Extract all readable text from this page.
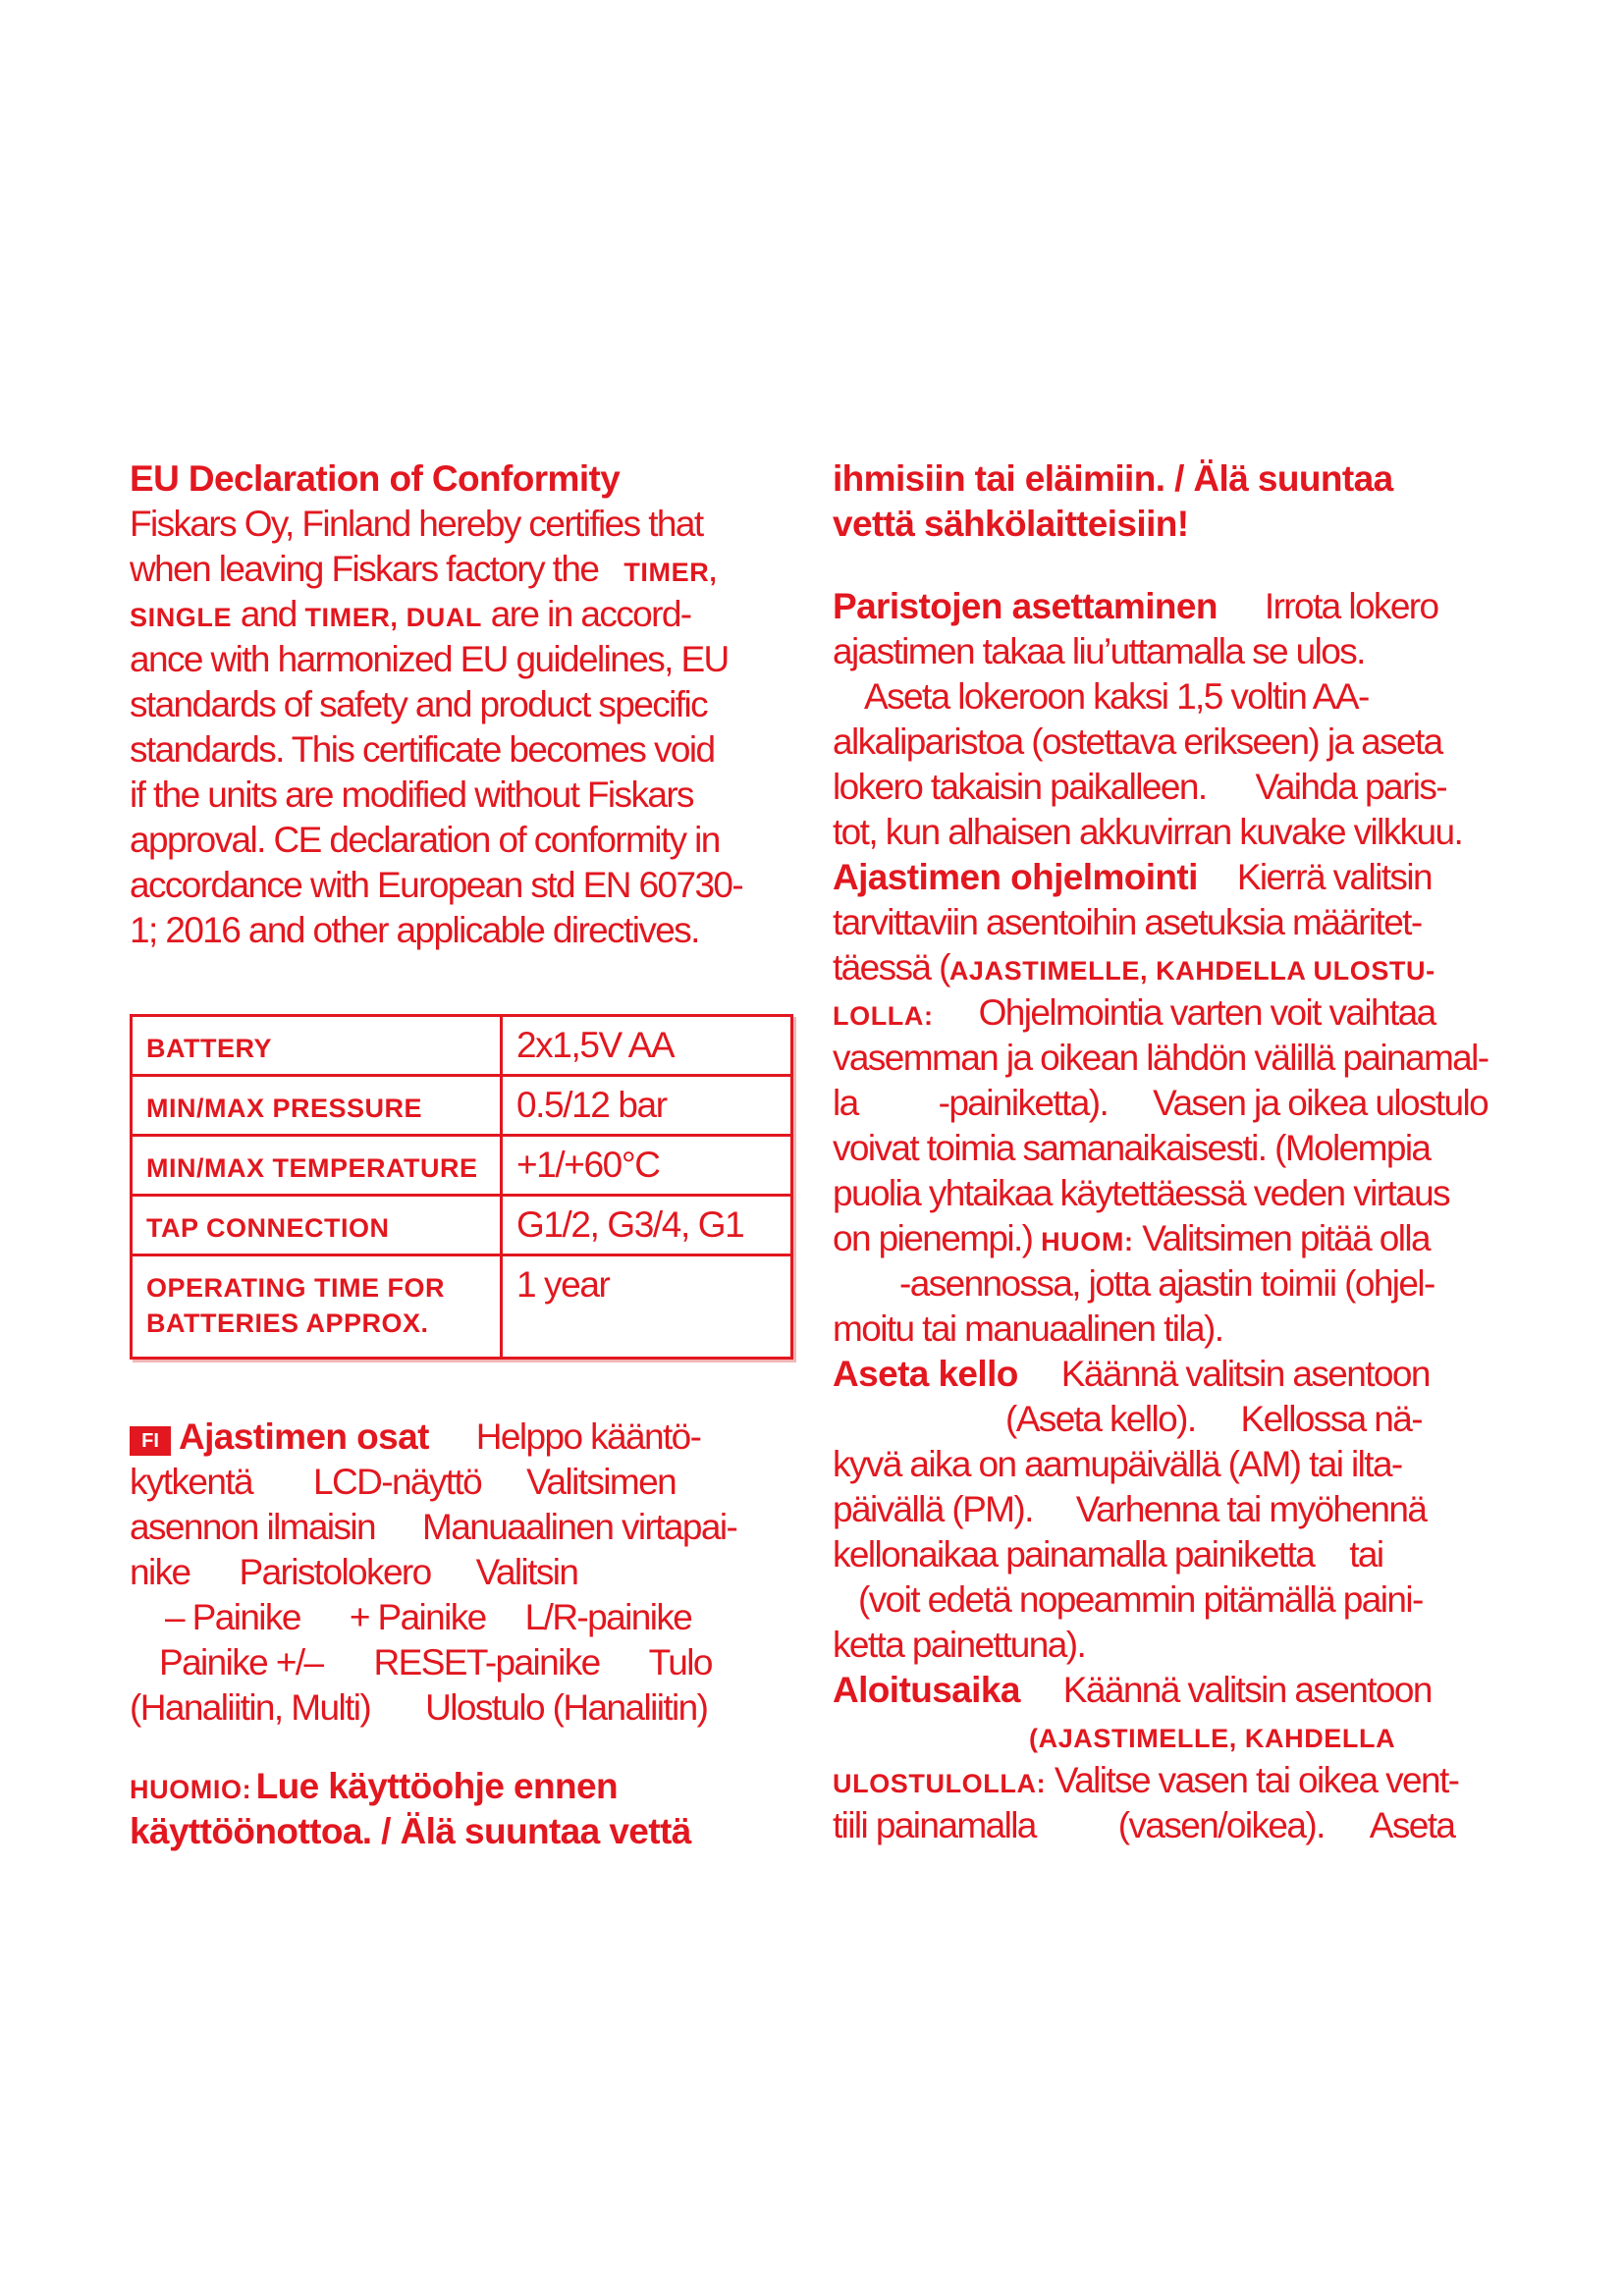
EU Declaration of Conformity
Fiskars Oy, Finland hereby certifies that
when leaving Fiskars factory the TIMER,
SINGLE and TIMER, DUAL are in accord-
ance with harmonized EU guidelines, EU
standards of safety and product specific
standards. This certificate becomes void
if the units are modified without Fiskars
approval. CE declaration of conformity in
accordance with European std EN 60730-
1; 2016 and other applicable directives.
BATTERY	2x1,5V AA
MIN/MAX PRESSURE	0.5/12 bar
MIN/MAX TEMPERATURE	+1/+60°C
TAP CONNECTION	G1/2, G3/4, G1
OPERATING TIME FOR BATTERIES APPROX.	1 year
FI Ajastimen osat Helppo kääntö-
kytkentä LCD-näyttö Valitsimen
asennon ilmaisin Manuaalinen virtapai-
nike Paristolokero Valitsin
– Painike + Painike L/R-painike
Painike +/– RESET-painike Tulo
(Hanaliitin, Multi) Ulostulo (Hanaliitin)
HUOMIO: Lue käyttöohje ennen
käyttöönottoa. / Älä suuntaa vettä
ihmisiin tai eläimiin. / Älä suuntaa
vettä sähkölaitteisiin!
Paristojen asettaminen Irrota lokero
ajastimen takaa liu’uttamalla se ulos.
Aseta lokeroon kaksi 1,5 voltin AA-
alkaliparistoa (ostettava erikseen) ja aseta
lokero takaisin paikalleen. Vaihda paris-
tot, kun alhaisen akkuvirran kuvake vilkkuu.
Ajastimen ohjelmointi Kierrä valitsin
tarvittaviin asentoihin asetuksia määritet-
täessä (AJASTIMELLE, KAHDELLA ULOSTU-
LOLLA: Ohjelmointia varten voit vaihtaa
vasemman ja oikean lähdön välillä painamal-
la -painiketta). Vasen ja oikea ulostulo
voivat toimia samanaikaisesti. (Molempia
puolia yhtaikaa käytettäessä veden virtaus
on pienempi.) HUOM: Valitsimen pitää olla
-asennossa, jotta ajastin toimii (ohjel-
moitu tai manuaalinen tila).
Aseta kello Käännä valitsin asentoon
(Aseta kello). Kellossa nä-
kyvä aika on aamupäivällä (AM) tai ilta-
päivällä (PM). Varhenna tai myöhennä
kellonaikaa painamalla painiketta tai
(voit edetä nopeammin pitämällä paini-
ketta painettuna).
Aloitusaika Käännä valitsin asentoon
(AJASTIMELLE, KAHDELLA
ULOSTULOLLA: Valitse vasen tai oikea vent-
tiili painamalla (vasen/oikea). Aseta
